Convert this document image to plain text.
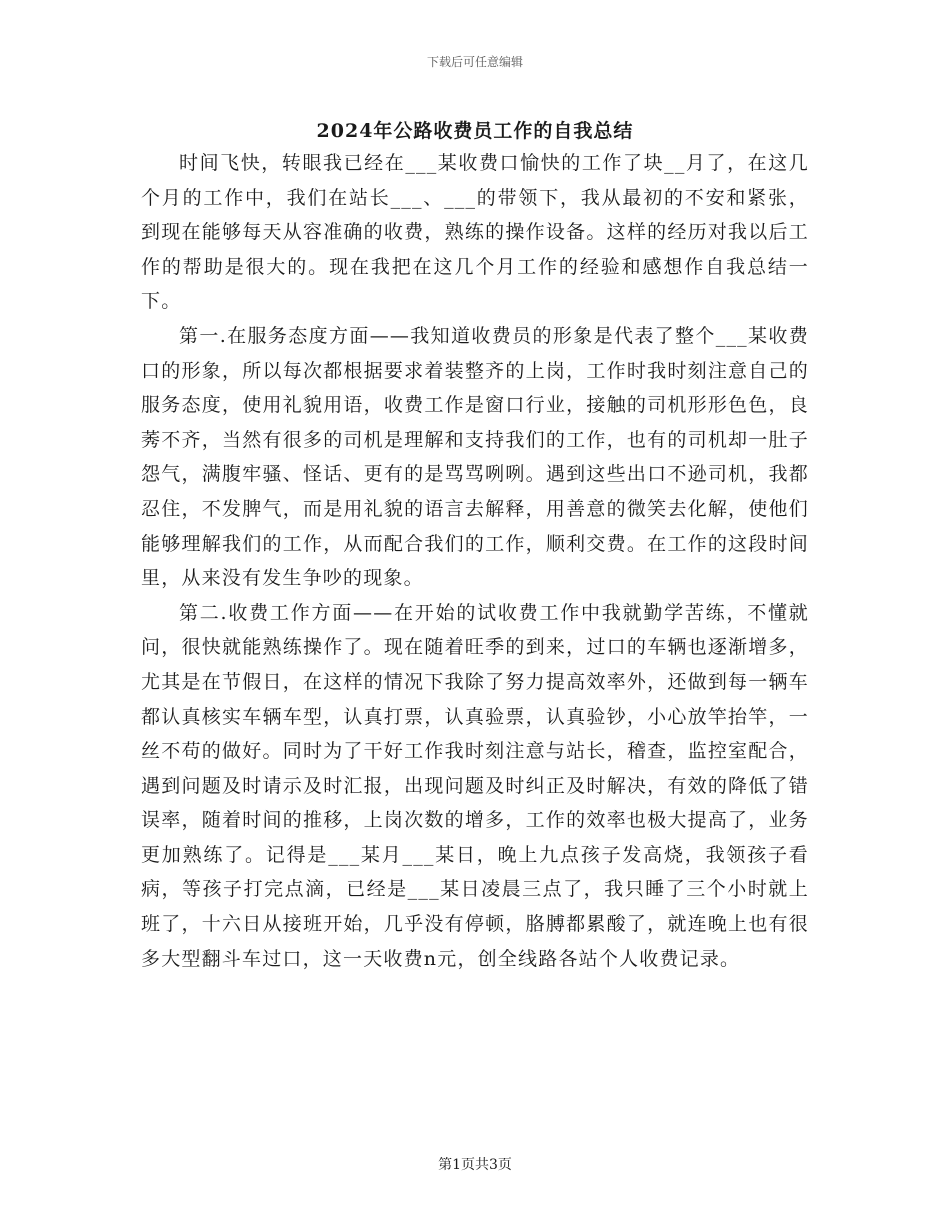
下载后可任意编辑
2024年公路收费员工作的自我总结

时间飞快，转眼我已经在___某收费口愉快的工作了块__月了，在这几个月的工作中，我们在站长___、___的带领下，我从最初的不安和紧张，到现在能够每天从容准确的收费，熟练的操作设备。这样的经历对我以后工作的帮助是很大的。现在我把在这几个月工作的经验和感想作自我总结一下。

第一.在服务态度方面——我知道收费员的形象是代表了整个___某收费口的形象，所以每次都根据要求着装整齐的上岗，工作时我时刻注意自己的服务态度，使用礼貌用语，收费工作是窗口行业，接触的司机形形色色，良莠不齐，当然有很多的司机是理解和支持我们的工作，也有的司机却一肚子怨气，满腹牢骚、怪话、更有的是骂骂咧咧。遇到这些出口不逊司机，我都忍住，不发脾气，而是用礼貌的语言去解释，用善意的微笑去化解，使他们能够理解我们的工作，从而配合我们的工作，顺利交费。在工作的这段时间里，从来没有发生争吵的现象。

第二.收费工作方面——在开始的试收费工作中我就勤学苦练，不懂就问，很快就能熟练操作了。现在随着旺季的到来，过口的车辆也逐渐增多，尤其是在节假日，在这样的情况下我除了努力提高效率外，还做到每一辆车都认真核实车辆车型，认真打票，认真验票，认真验钞，小心放竿抬竿，一丝不苟的做好。同时为了干好工作我时刻注意与站长，稽查，监控室配合，遇到问题及时请示及时汇报，出现问题及时纠正及时解决，有效的降低了错误率，随着时间的推移，上岗次数的增多，工作的效率也极大提高了，业务更加熟练了。记得是___某月___某日，晚上九点孩子发高烧，我领孩子看病，等孩子打完点滴，已经是___某日凌晨三点了，我只睡了三个小时就上班了，十六日从接班开始，几乎没有停顿，胳膊都累酸了，就连晚上也有很多大型翻斗车过口，这一天收费n元，创全线路各站个人收费记录。

第1页共3页
